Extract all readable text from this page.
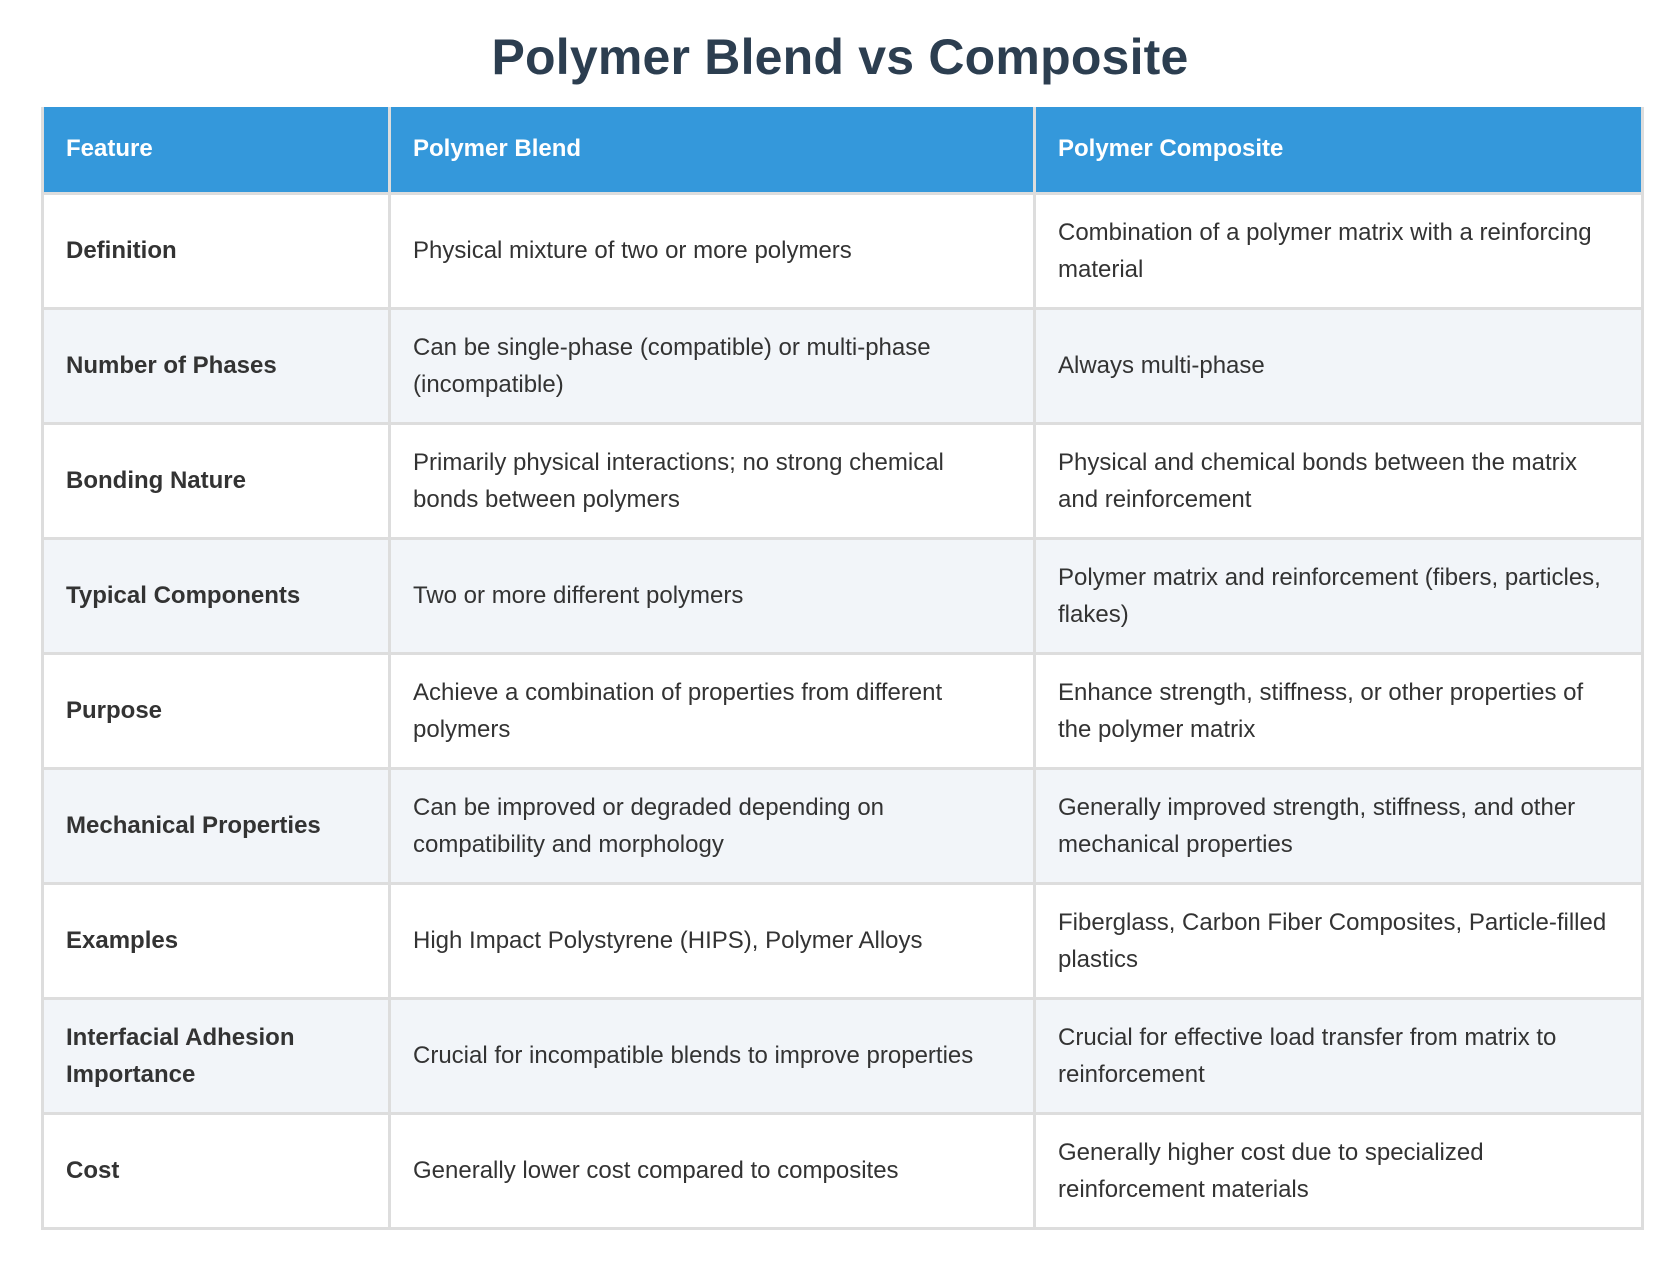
Polymer Blend vs Composite
Feature	Polymer Blend	Polymer Composite
Definition	Physical mixture of two or more polymers	Combination of a polymer matrix with a reinforcing material
Number of Phases	Can be single-phase (compatible) or multi-phase (incompatible)	Always multi-phase
Bonding Nature	Primarily physical interactions; no strong chemical bonds between polymers	Physical and chemical bonds between the matrix and reinforcement
Typical Components	Two or more different polymers	Polymer matrix and reinforcement (fibers, particles, flakes)
Purpose	Achieve a combination of properties from different polymers	Enhance strength, stiffness, or other properties of the polymer matrix
Mechanical Properties	Can be improved or degraded depending on compatibility and morphology	Generally improved strength, stiffness, and other mechanical properties
Examples	High Impact Polystyrene (HIPS), Polymer Alloys	Fiberglass, Carbon Fiber Composites, Particle-filled plastics
Interfacial Adhesion Importance	Crucial for incompatible blends to improve properties	Crucial for effective load transfer from matrix to reinforcement
Cost	Generally lower cost compared to composites	Generally higher cost due to specialized reinforcement materials
